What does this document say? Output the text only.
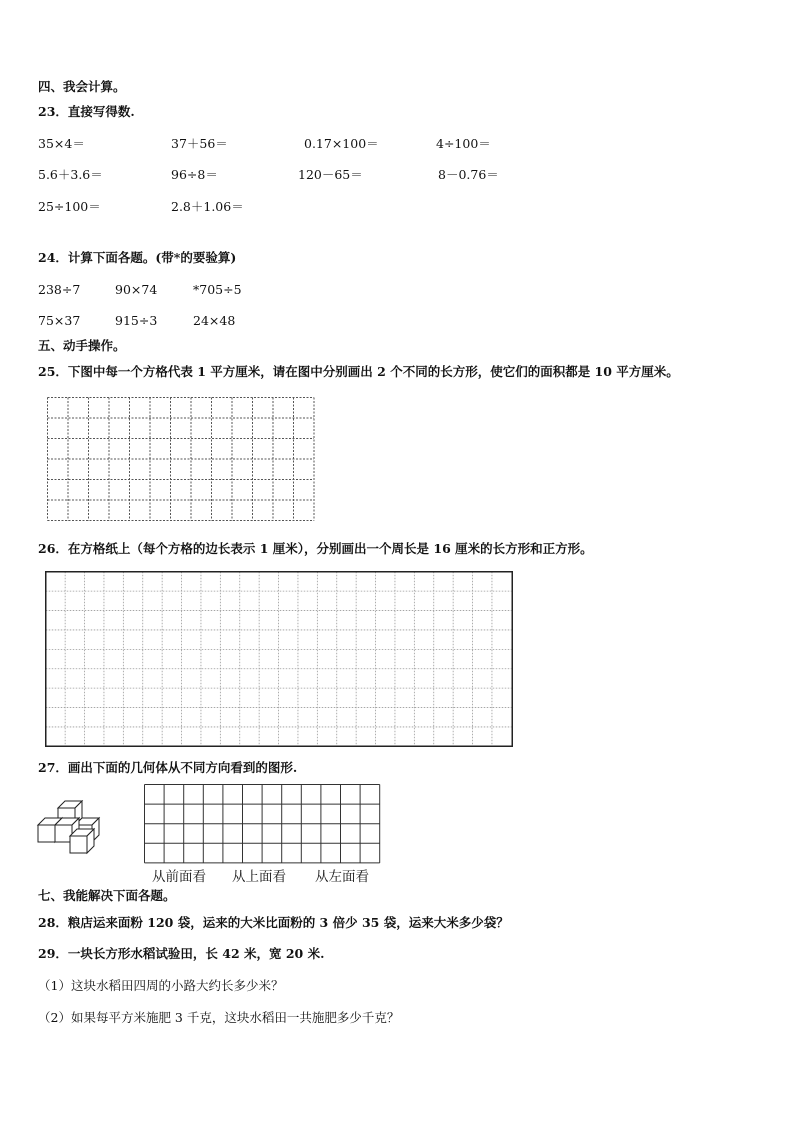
四、我会计算。
23．直接写得数.
35×4＝	37＋56＝	0.17×100＝	4÷100＝
5.6＋3.6＝	96÷8＝	120－65＝	8－0.76＝
25÷100＝	2.8＋1.06＝
24．计算下面各题。(带*的要验算)
238÷7	90×74	*705÷5
75×37	915÷3	24×48
五、动手操作。
25．下图中每一个方格代表 1 平方厘米，请在图中分别画出 2 个不同的长方形，使它们的面积都是 10 平方厘米。
26．在方格纸上（每个方格的边长表示 1 厘米），分别画出一个周长是 16 厘米的长方形和正方形。
27．画出下面的几何体从不同方向看到的图形.
从前面看 从上面看 从左面看
七、我能解决下面各题。
28．粮店运来面粉 120 袋，运来的大米比面粉的 3 倍少 35 袋，运来大米多少袋？
29．一块长方形水稻试验田，长 42 米，宽 20 米.
（1）这块水稻田四周的小路大约长多少米？
（2）如果每平方米施肥 3 千克，这块水稻田一共施肥多少千克？
